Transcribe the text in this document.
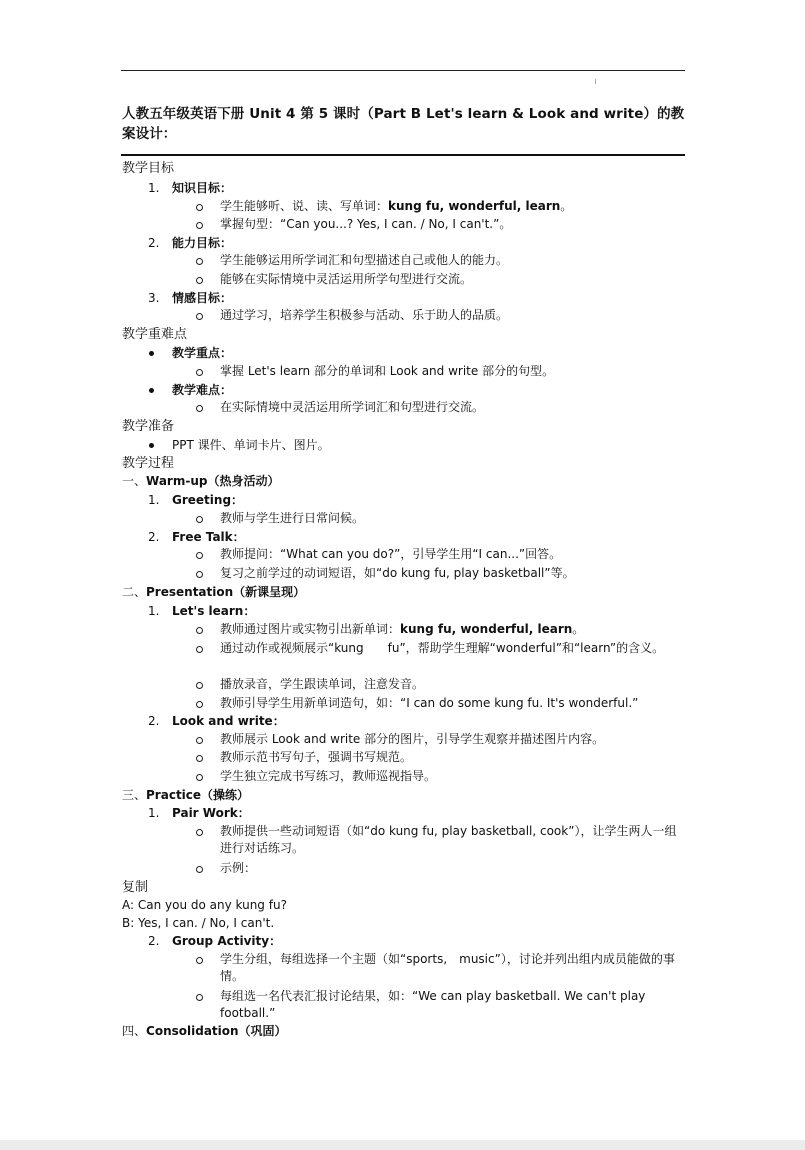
人教五年级英语下册 Unit 4 第 5 课时（Part B Let's learn & Look and write）的教案设计：
教学目标
1. 知识目标：
学生能够听、说、读、写单词：kung fu, wonderful, learn。
掌握句型：“Can you...? Yes, I can. / No, I can't.”。
2. 能力目标：
学生能够运用所学词汇和句型描述自己或他人的能力。
能够在实际情境中灵活运用所学句型进行交流。
3. 情感目标：
通过学习，培养学生积极参与活动、乐于助人的品质。
教学重难点
教学重点：
掌握 Let's learn 部分的单词和 Look and write 部分的句型。
教学难点：
在实际情境中灵活运用所学词汇和句型进行交流。
教学准备
PPT 课件、单词卡片、图片。
教学过程
一、Warm-up（热身活动）
1. Greeting：
教师与学生进行日常问候。
2. Free Talk：
教师提问：“What can you do?”，引导学生用“I can...”回答。
复习之前学过的动词短语，如“do kung fu, play basketball”等。
二、Presentation（新课呈现）
1. Let's learn：
教师通过图片或实物引出新单词：kung fu, wonderful, learn。
通过动作或视频展示“kung　　fu”，帮助学生理解“wonderful”和“learn”的含义。
播放录音，学生跟读单词，注意发音。
教师引导学生用新单词造句，如：“I can do some kung fu. It's wonderful.”
2. Look and write：
教师展示 Look and write 部分的图片，引导学生观察并描述图片内容。
教师示范书写句子，强调书写规范。
学生独立完成书写练习，教师巡视指导。
三、Practice（操练）
1. Pair Work：
教师提供一些动词短语（如“do kung fu, play basketball, cook”），让学生两人一组进行对话练习。
示例：
复制
A: Can you do any kung fu?
B: Yes, I can. / No, I can't.
2. Group Activity：
学生分组，每组选择一个主题（如“sports,　music”），讨论并列出组内成员能做的事情。
每组选一名代表汇报讨论结果，如：“We can play basketball. We can't play football.”
四、Consolidation（巩固）
